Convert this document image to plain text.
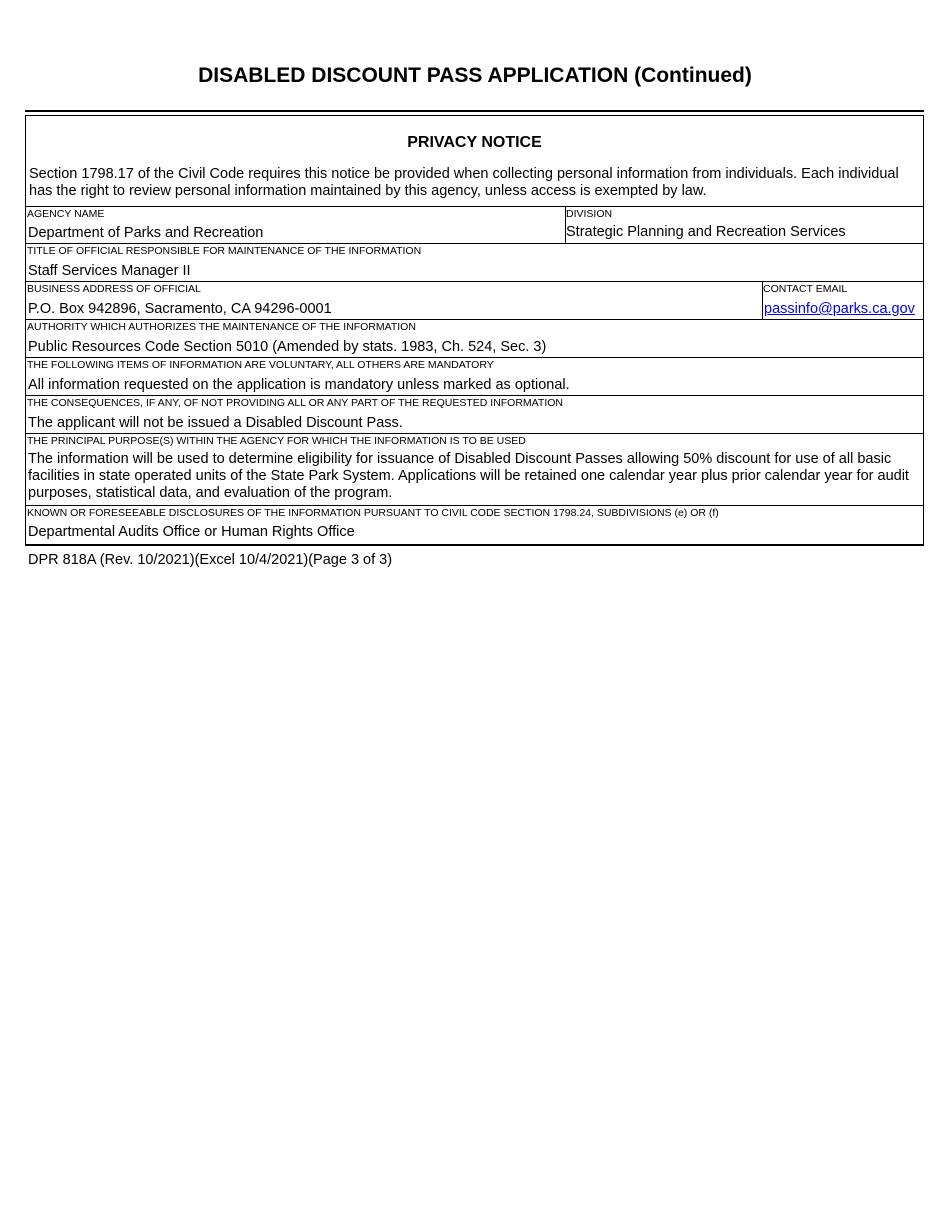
DISABLED DISCOUNT PASS APPLICATION (Continued)
PRIVACY NOTICE

Section 1798.17 of the Civil Code requires this notice be provided when collecting personal information from individuals. Each individual has the right to review personal information maintained by this agency, unless access is exempted by law.

AGENCY NAME
Department of Parks and Recreation
DIVISION
Strategic Planning and Recreation Services
TITLE OF OFFICIAL RESPONSIBLE FOR MAINTENANCE OF THE INFORMATION
Staff Services Manager II
BUSINESS ADDRESS OF OFFICIAL
P.O. Box 942896, Sacramento, CA 94296-0001
CONTACT EMAIL
passinfo@parks.ca.gov
AUTHORITY WHICH AUTHORIZES THE MAINTENANCE OF THE INFORMATION
Public Resources Code Section 5010 (Amended by stats. 1983, Ch. 524, Sec. 3)
THE FOLLOWING ITEMS OF INFORMATION ARE VOLUNTARY, ALL OTHERS ARE MANDATORY
All information requested on the application is mandatory unless marked as optional.
THE CONSEQUENCES, IF ANY, OF NOT PROVIDING ALL OR ANY PART OF THE REQUESTED INFORMATION
The applicant will not be issued a Disabled Discount Pass.
THE PRINCIPAL PURPOSE(S) WITHIN THE AGENCY FOR WHICH THE INFORMATION IS TO BE USED
The information will be used to determine eligibility for issuance of Disabled Discount Passes allowing 50% discount for use of all basic facilities in state operated units of the State Park System. Applications will be retained one calendar year plus prior calendar year for audit purposes, statistical data, and evaluation of the program.
KNOWN OR FORESEEABLE DISCLOSURES OF THE INFORMATION PURSUANT TO CIVIL CODE SECTION 1798.24, SUBDIVISIONS (e) OR (f)
Departmental Audits Office or Human Rights Office

DPR 818A (Rev. 10/2021)(Excel 10/4/2021)(Page 3 of 3)
